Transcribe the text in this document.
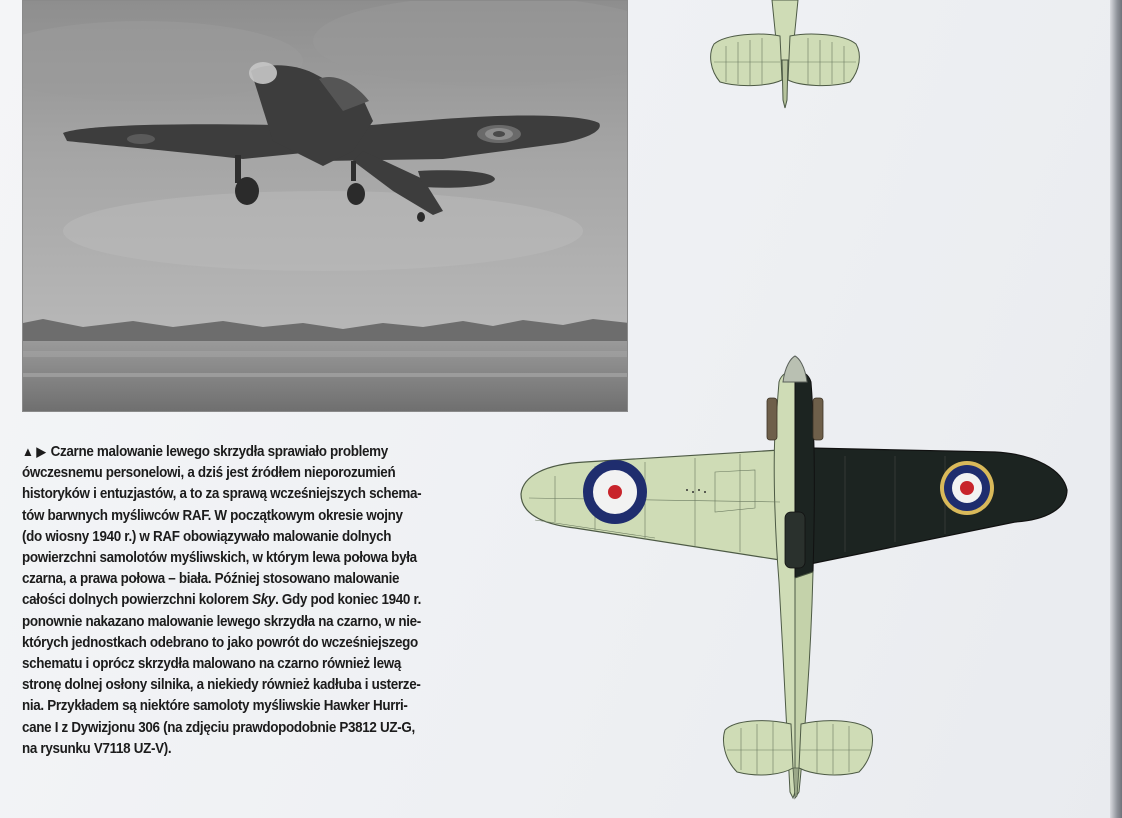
▲ ▶ Czarne malowanie lewego skrzydła sprawiało problemy
ówczesnemu personelowi, a dziś jest źródłem nieporozumień
historyków i entuzjastów, a to za sprawą wcześniejszych schema-
tów barwnych myśliwców RAF. W początkowym okresie wojny
(do wiosny 1940 r.) w RAF obowiązywało malowanie dolnych
powierzchni samolotów myśliwskich, w którym lewa połowa była
czarna, a prawa połowa – biała. Później stosowano malowanie
całości dolnych powierzchni kolorem Sky. Gdy pod koniec 1940 r.
ponownie nakazano malowanie lewego skrzydła na czarno, w nie-
których jednostkach odebrano to jako powrót do wcześniejszego
schematu i oprócz skrzydła malowano na czarno również lewą
stronę dolnej osłony silnika, a niekiedy również kadłuba i usterze-
nia. Przykładem są niektóre samoloty myśliwskie Hawker Hurri-
cane I z Dywizjonu 306 (na zdjęciu prawdopodobnie P3812 UZ-G,
na rysunku V7118 UZ-V).
